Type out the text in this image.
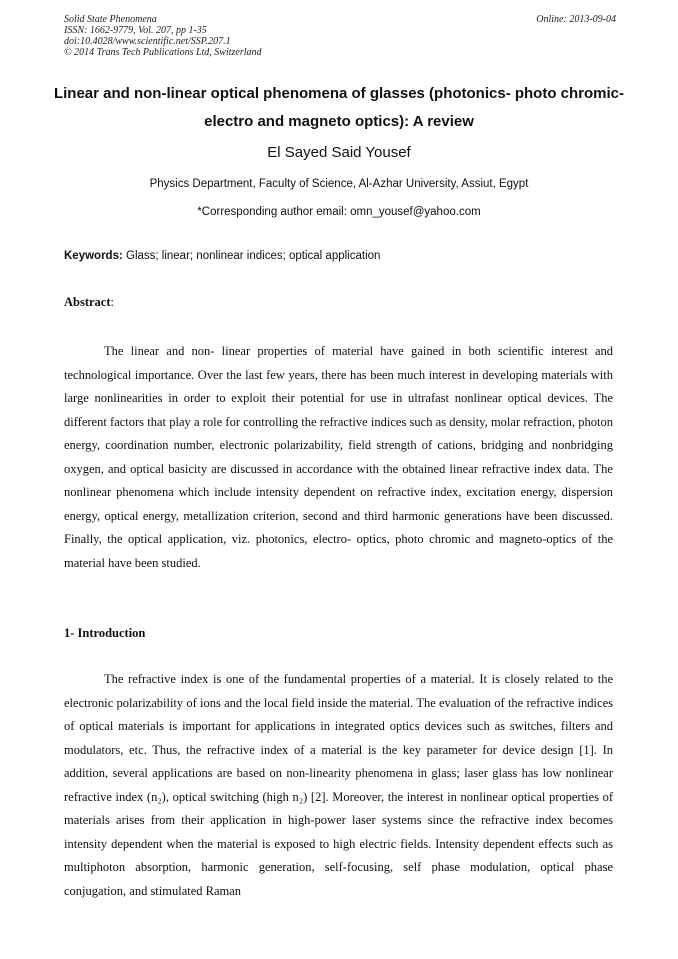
Solid State Phenomena
ISSN: 1662-9779, Vol. 207, pp 1-35
doi:10.4028/www.scientific.net/SSP.207.1
© 2014 Trans Tech Publications Ltd, Switzerland
Online: 2013-09-04
Linear and non-linear optical phenomena of glasses (photonics- photo chromic- electro and magneto optics): A review
El Sayed Said Yousef
Physics Department, Faculty of Science, Al-Azhar University, Assiut, Egypt
*Corresponding author email: omn_yousef@yahoo.com
Keywords: Glass; linear; nonlinear indices; optical application
Abstract:

The linear and non- linear properties of material have gained in both scientific interest and technological importance. Over the last few years, there has been much interest in developing materials with large nonlinearities in order to exploit their potential for use in ultrafast nonlinear optical devices. The different factors that play a role for controlling the refractive indices such as density, molar refraction, photon energy, coordination number, electronic polarizability, field strength of cations, bridging and nonbridging oxygen, and optical basicity are discussed in accordance with the obtained linear refractive index data. The nonlinear phenomena which include intensity dependent on refractive index, excitation energy, dispersion energy, optical energy, metallization criterion, second and third harmonic generations have been discussed. Finally, the optical application, viz. photonics, electro- optics, photo chromic and magneto-optics of the material have been studied.

1- Introduction

The refractive index is one of the fundamental properties of a material. It is closely related to the electronic polarizability of ions and the local field inside the material. The evaluation of the refractive indices of optical materials is important for applications in integrated optics devices such as switches, filters and modulators, etc. Thus, the refractive index of a material is the key parameter for device design [1]. In addition, several applications are based on non-linearity phenomena in glass; laser glass has low nonlinear refractive index (n₂), optical switching (high n₂) [2]. Moreover, the interest in nonlinear optical properties of materials arises from their application in high-power laser systems since the refractive index becomes intensity dependent when the material is exposed to high electric fields. Intensity dependent effects such as multiphoton absorption, harmonic generation, self-focusing, self phase modulation, optical phase conjugation, and stimulated Raman
